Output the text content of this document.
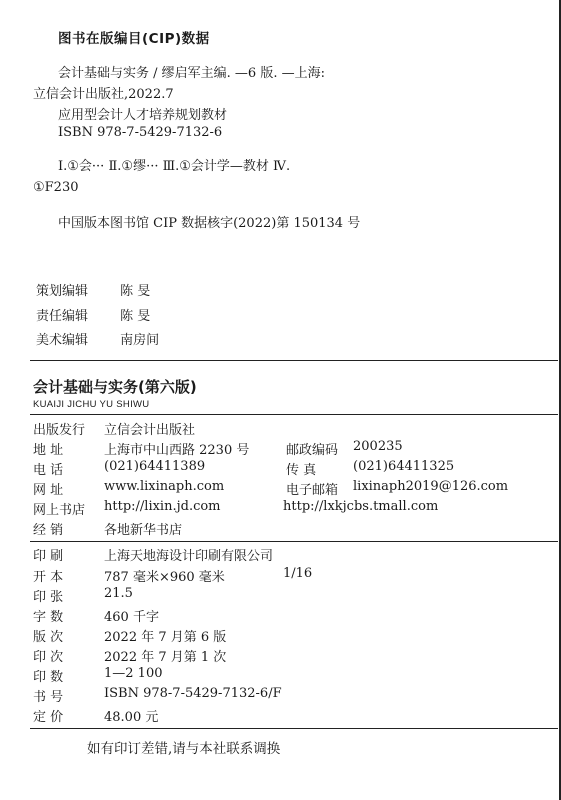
图书在版编目(CIP)数据
会计基础与实务 / 缪启军主编. —6 版. —上海:
立信会计出版社,2022.7
应用型会计人才培养规划教材
ISBN 978-7-5429-7132-6
Ⅰ.①会··· Ⅱ.①缪··· Ⅲ.①会计学—教材 Ⅳ.
①F230
中国版本图书馆 CIP 数据核字(2022)第 150134 号
策划编辑 陈 旻
责任编辑 陈 旻
美术编辑 南房间
会计基础与实务(第六版)
KUAIJI JICHU YU SHIWU
出版发行 立信会计出版社
地 址	上海市中山西路 2230 号	邮政编码 200235
电 话	(021)64411389	传 真	(021)64411325
网 址	www.lixinaph.com	电子邮箱 lixinaph2019@126.com
网上书店 http://lixin.jd.com	http://lxkjcbs.tmall.com
经 销	各地新华书店
印 刷	上海天地海设计印刷有限公司
开 本	787 毫米×960 毫米	1/16
印 张	21.5
字 数	460 千字
版 次	2022 年 7 月第 6 版
印 次	2022 年 7 月第 1 次
印 数	1—2 100
书 号	ISBN 978-7-5429-7132-6/F
定 价	48.00 元
如有印订差错,请与本社联系调换
